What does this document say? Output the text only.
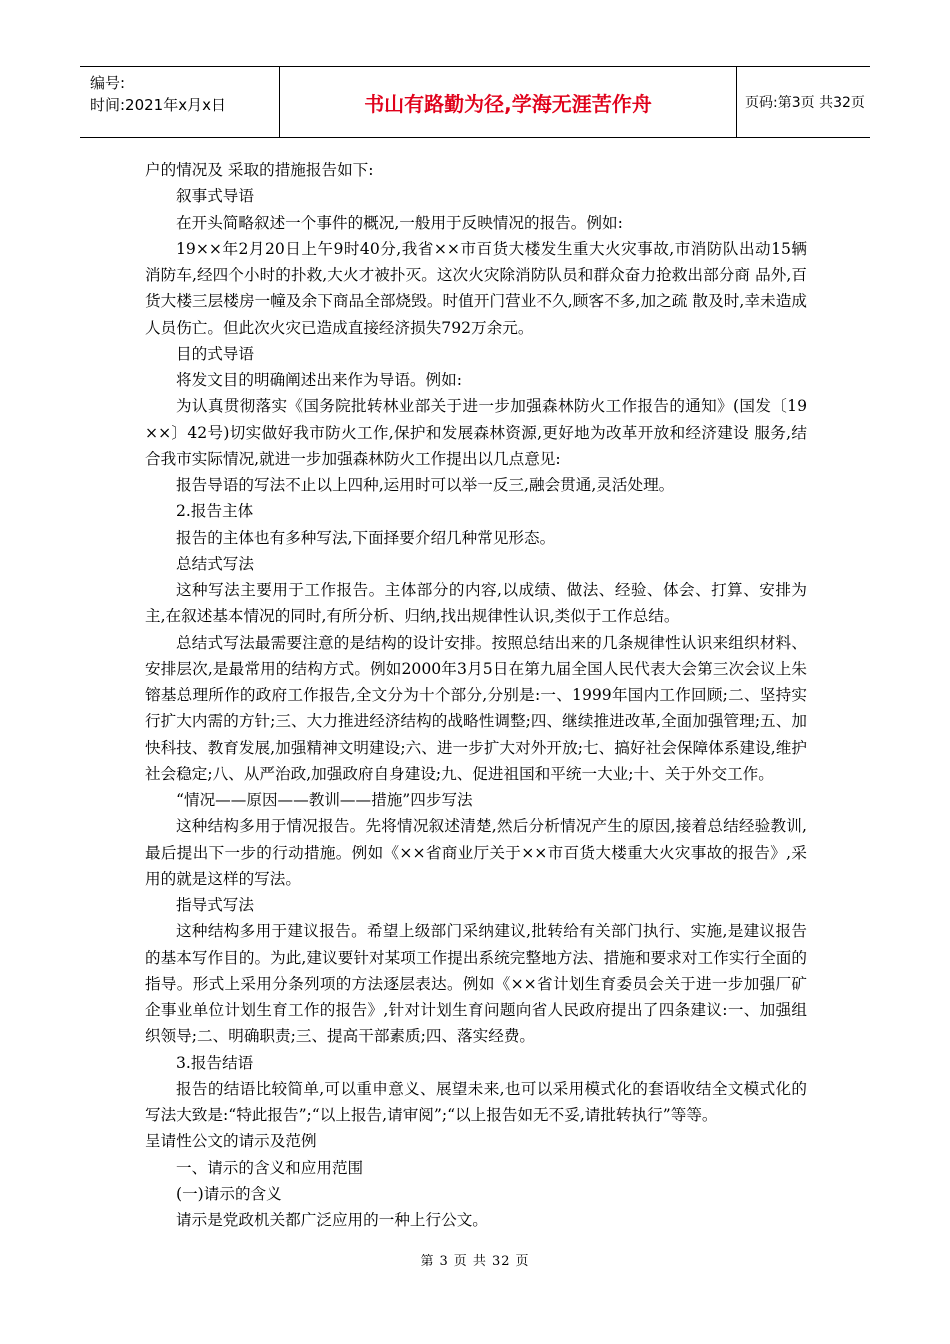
编号:
时间:2021年x月x日	书山有路勤为径,学海无涯苦作舟	页码:第3页 共32页

户的情况及 采取的措施报告如下:

叙事式导语

在开头简略叙述一个事件的概况,一般用于反映情况的报告。例如:

19××年2月20日上午9时40分,我省××市百货大楼发生重大火灾事故,市消防队出动15辆 消防车,经四个小时的扑救,大火才被扑灭。这次火灾除消防队员和群众奋力抢救出部分商 品外,百货大楼三层楼房一幢及余下商品全部烧毁。时值开门营业不久,顾客不多,加之疏 散及时,幸未造成人员伤亡。但此次火灾已造成直接经济损失792万余元。

目的式导语

将发文目的明确阐述出来作为导语。例如:

为认真贯彻落实《国务院批转林业部关于进一步加强森林防火工作报告的通知》(国发〔19 ××〕42号)切实做好我市防火工作,保护和发展森林资源,更好地为改革开放和经济建设 服务,结合我市实际情况,就进一步加强森林防火工作提出以几点意见:

报告导语的写法不止以上四种,运用时可以举一反三,融会贯通,灵活处理。

2.报告主体

报告的主体也有多种写法,下面择要介绍几种常见形态。

总结式写法

这种写法主要用于工作报告。主体部分的内容,以成绩、做法、经验、体会、打算、安排为主,在叙述基本情况的同时,有所分析、归纳,找出规律性认识,类似于工作总结。

总结式写法最需要注意的是结构的设计安排。按照总结出来的几条规律性认识来组织材料、安排层次,是最常用的结构方式。例如2000年3月5日在第九届全国人民代表大会第三次会议上朱镕基总理所作的政府工作报告,全文分为十个部分,分别是:一、1999年国内工作回顾;二、坚持实行扩大内需的方针;三、大力推进经济结构的战略性调整;四、继续推进改革,全面加强管理;五、加快科技、教育发展,加强精神文明建设;六、进一步扩大对外开放;七、搞好社会保障体系建设,维护社会稳定;八、从严治政,加强政府自身建设;九、促进祖国和平统一大业;十、关于外交工作。

“情况——原因——教训——措施”四步写法

这种结构多用于情况报告。先将情况叙述清楚,然后分析情况产生的原因,接着总结经验教训,最后提出下一步的行动措施。例如《××省商业厅关于××市百货大楼重大火灾事故的报告》,采用的就是这样的写法。

指导式写法

这种结构多用于建议报告。希望上级部门采纳建议,批转给有关部门执行、实施,是建议报告的基本写作目的。为此,建议要针对某项工作提出系统完整地方法、措施和要求对工作实行全面的指导。形式上采用分条列项的方法逐层表达。例如《××省计划生育委员会关于进一步加强厂矿企事业单位计划生育工作的报告》,针对计划生育问题向省人民政府提出了四条建议:一、加强组织领导;二、明确职责;三、提高干部素质;四、落实经费。

3.报告结语

报告的结语比较简单,可以重申意义、展望未来,也可以采用模式化的套语收结全文模式化的写法大致是:“特此报告”;“以上报告,请审阅”;“以上报告如无不妥,请批转执行”等等。

呈请性公文的请示及范例

一、请示的含义和应用范围

(一)请示的含义

请示是党政机关都广泛应用的一种上行公文。

第 3 页 共 32 页
